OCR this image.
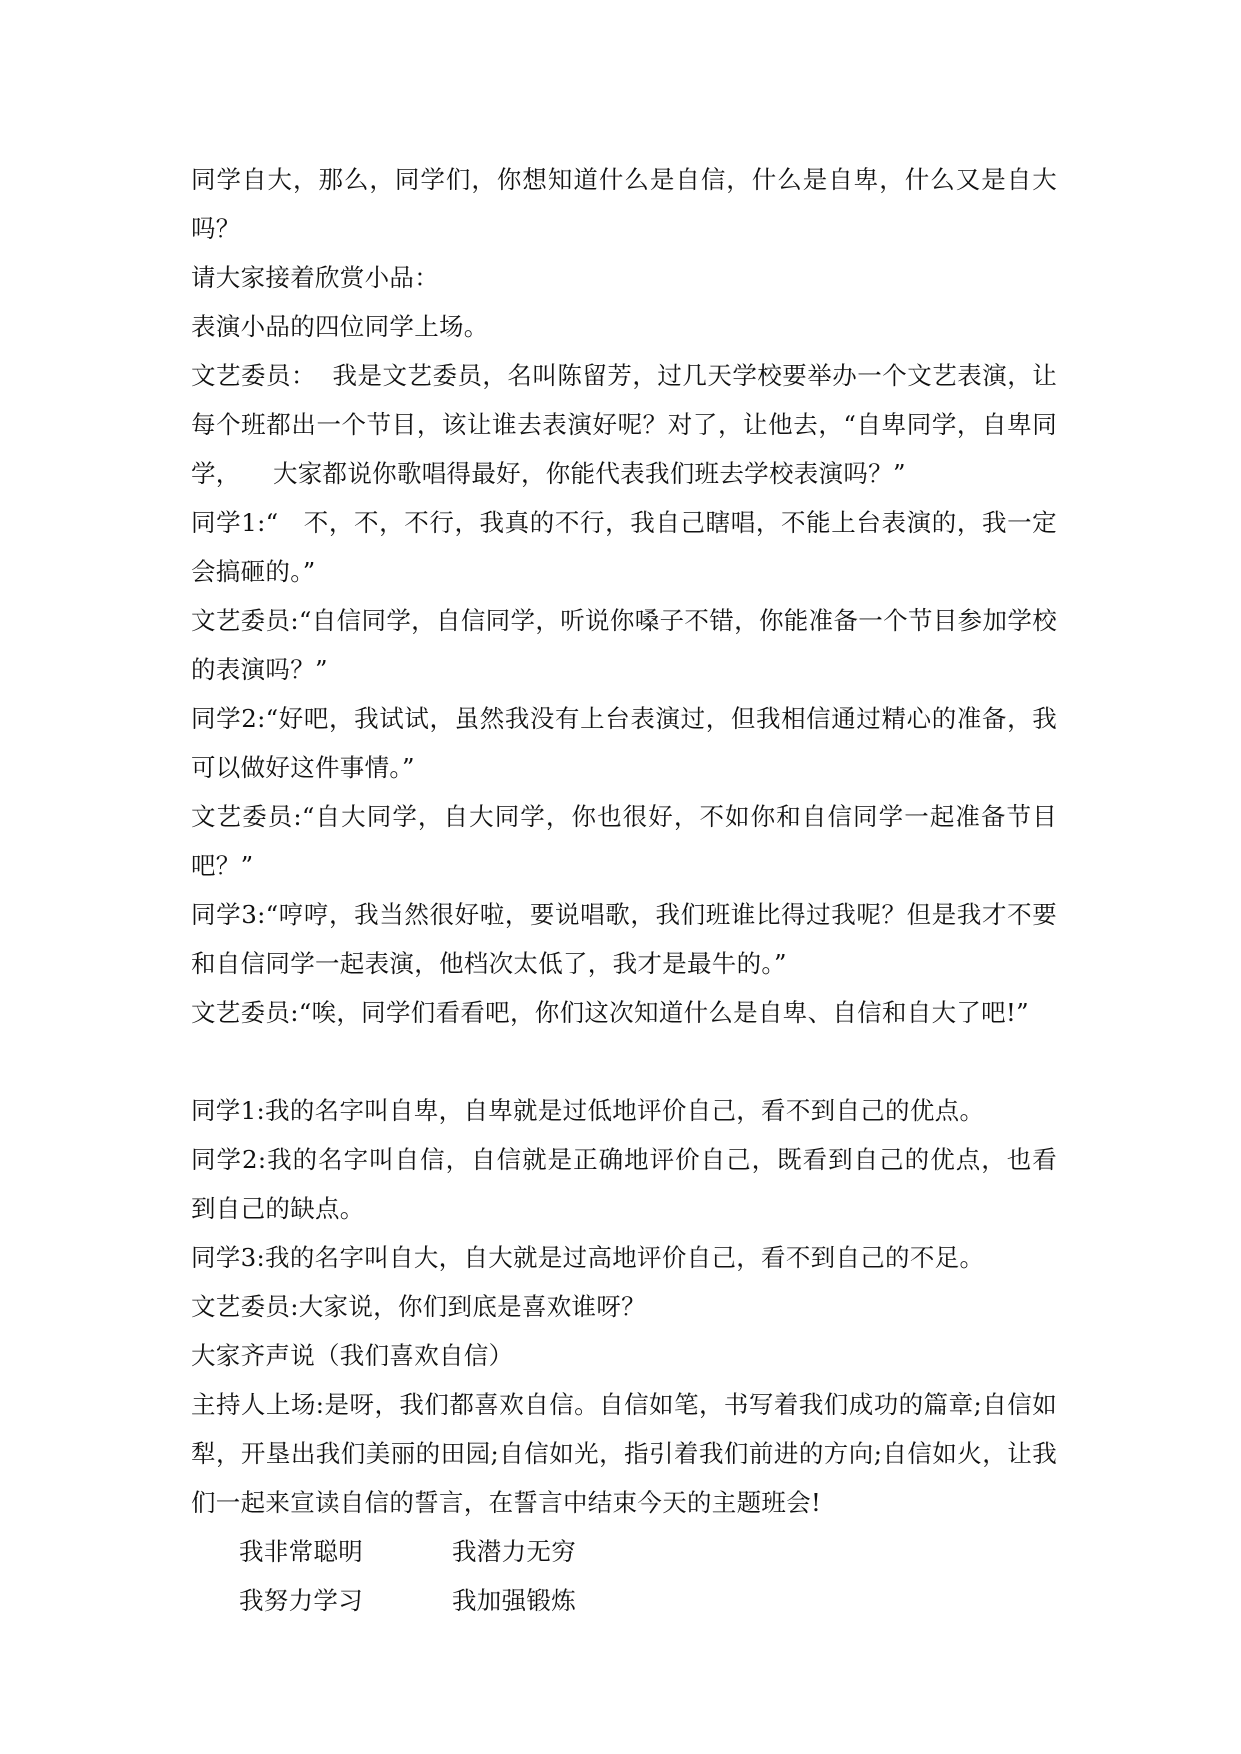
同学自大，那么，同学们，你想知道什么是自信，什么是自卑，什么又是自大吗？

请大家接着欣赏小品：

表演小品的四位同学上场。

文艺委员：  我是文艺委员，名叫陈留芳，过几天学校要举办一个文艺表演，让每个班都出一个节目，该让谁去表演好呢？对了，让他去，“自卑同学，自卑同学，    大家都说你歌唱得最好，你能代表我们班去学校表演吗？”

同学1:“   不，不，不行，我真的不行，我自己瞎唱，不能上台表演的，我一定会搞砸的。”

文艺委员:“自信同学，自信同学，听说你嗓子不错，你能准备一个节目参加学校的表演吗？”

同学2:“好吧，我试试，虽然我没有上台表演过，但我相信通过精心的准备，我可以做好这件事情。”

文艺委员:“自大同学，自大同学，你也很好，不如你和自信同学一起准备节目吧？”

同学3:“哼哼，我当然很好啦，要说唱歌，我们班谁比得过我呢？但是我才不要和自信同学一起表演，他档次太低了，我才是最牛的。”

文艺委员:“唉，同学们看看吧，你们这次知道什么是自卑、自信和自大了吧!”

同学1:我的名字叫自卑，自卑就是过低地评价自己，看不到自己的优点。

同学2:我的名字叫自信，自信就是正确地评价自己，既看到自己的优点，也看到自己的缺点。

同学3:我的名字叫自大，自大就是过高地评价自己，看不到自己的不足。

文艺委员:大家说，你们到底是喜欢谁呀？

大家齐声说（我们喜欢自信）

主持人上场:是呀，我们都喜欢自信。自信如笔，书写着我们成功的篇章;自信如犁，开垦出我们美丽的田园;自信如光，指引着我们前进的方向;自信如火，让我们一起来宣读自信的誓言，在誓言中结束今天的主题班会!

我非常聪明	我潜力无穷
我努力学习	我加强锻炼
